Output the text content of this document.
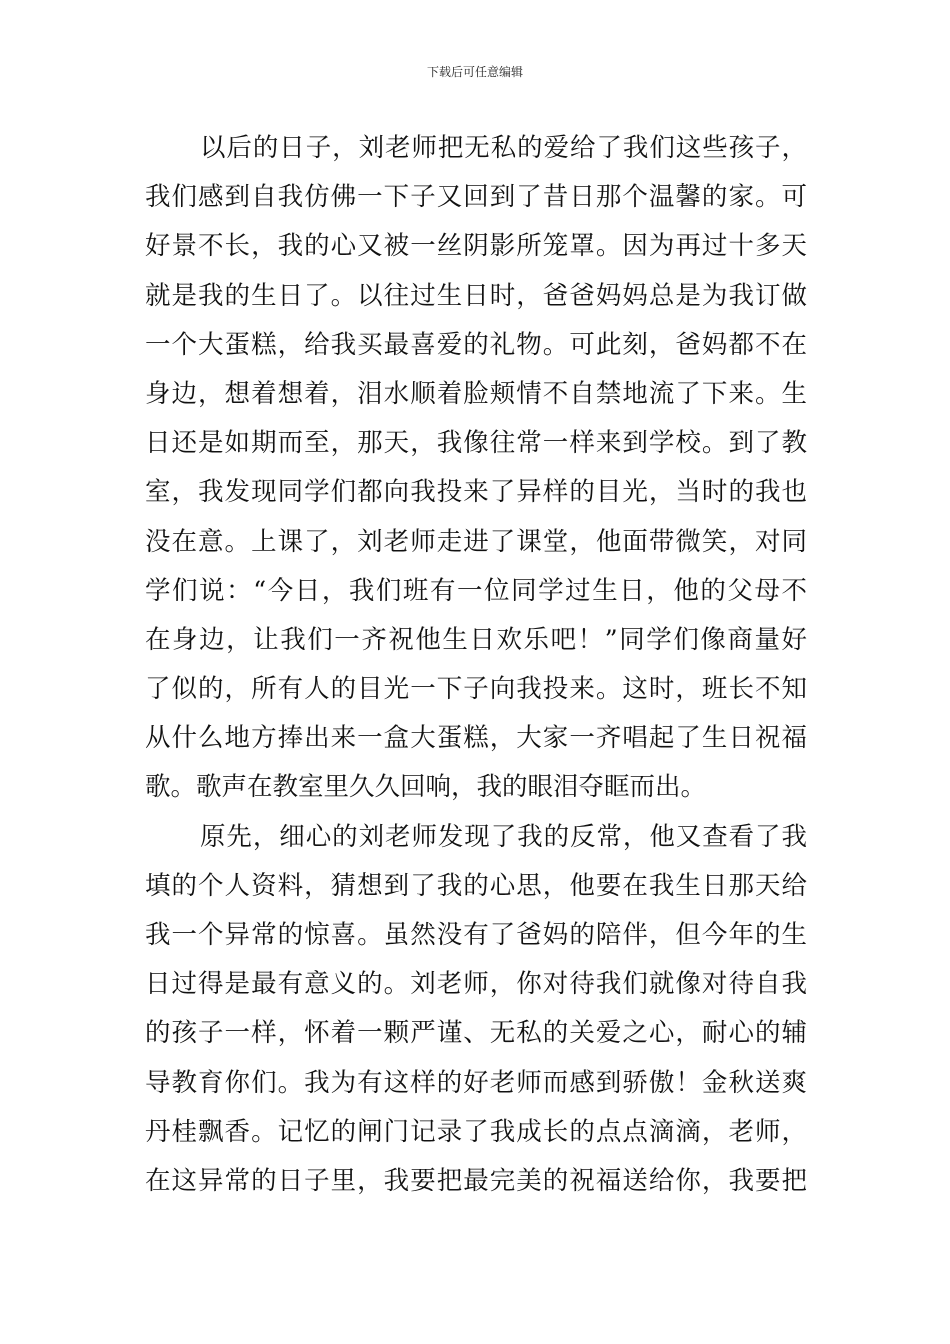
下载后可任意编辑
以后的日子，刘老师把无私的爱给了我们这些孩子，
我们感到自我仿佛一下子又回到了昔日那个温馨的家。可
好景不长，我的心又被一丝阴影所笼罩。因为再过十多天
就是我的生日了。以往过生日时，爸爸妈妈总是为我订做
一个大蛋糕，给我买最喜爱的礼物。可此刻，爸妈都不在
身边，想着想着，泪水顺着脸颊情不自禁地流了下来。生
日还是如期而至，那天，我像往常一样来到学校。到了教
室，我发现同学们都向我投来了异样的目光，当时的我也
没在意。上课了，刘老师走进了课堂，他面带微笑，对同
学们说：“今日，我们班有一位同学过生日，他的父母不
在身边，让我们一齐祝他生日欢乐吧！”同学们像商量好
了似的，所有人的目光一下子向我投来。这时，班长不知
从什么地方捧出来一盒大蛋糕，大家一齐唱起了生日祝福
歌。歌声在教室里久久回响，我的眼泪夺眶而出。
原先，细心的刘老师发现了我的反常，他又查看了我
填的个人资料，猜想到了我的心思，他要在我生日那天给
我一个异常的惊喜。虽然没有了爸妈的陪伴，但今年的生
日过得是最有意义的。刘老师，你对待我们就像对待自我
的孩子一样，怀着一颗严谨、无私的关爱之心，耐心的辅
导教育你们。我为有这样的好老师而感到骄傲！金秋送爽
丹桂飘香。记忆的闸门记录了我成长的点点滴滴，老师，
在这异常的日子里，我要把最完美的祝福送给你，我要把
